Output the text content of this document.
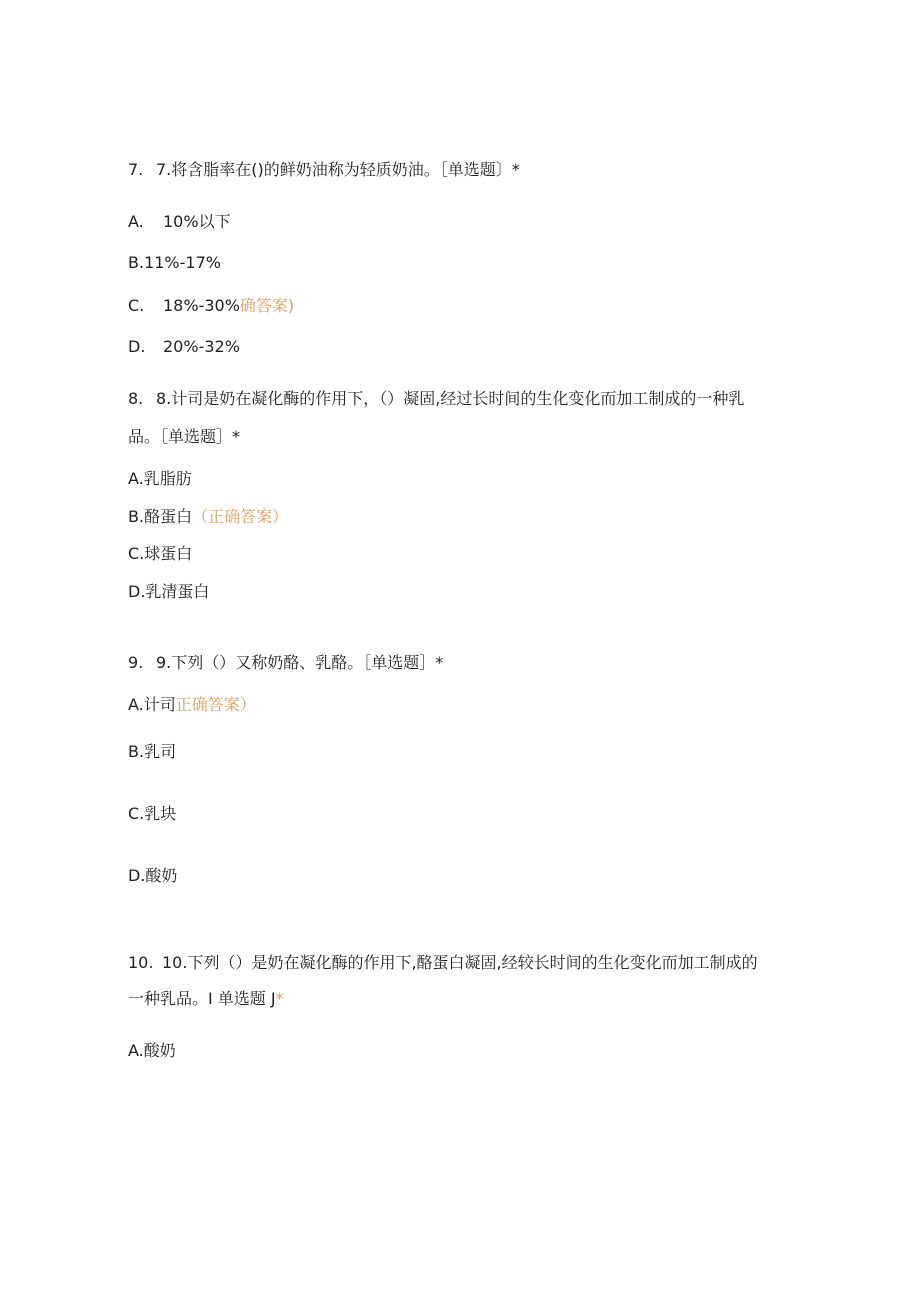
7. 7.将含脂率在()的鲜奶油称为轻质奶油。［单选题〕*
A. 10%以下
B.11%-17%
C. 18%-30%确答案)
D. 20%-32%
8. 8.计司是奶在凝化酶的作用下，（）凝固,经过长时间的生化变化而加工制成的一种乳
品。［单选题］*
A.乳脂肪
B.酪蛋白（正确答案）
C.球蛋白
D.乳清蛋白
9. 9.下列（）又称奶酪、乳酪。［单选题］*
A.计司正确答案）
B.乳司
C.乳块
D.酸奶
10. 10.下列（）是奶在凝化酶的作用下,酪蛋白凝固,经较长时间的生化变化而加工制成的
一种乳品。I 单选题 J*
A.酸奶
